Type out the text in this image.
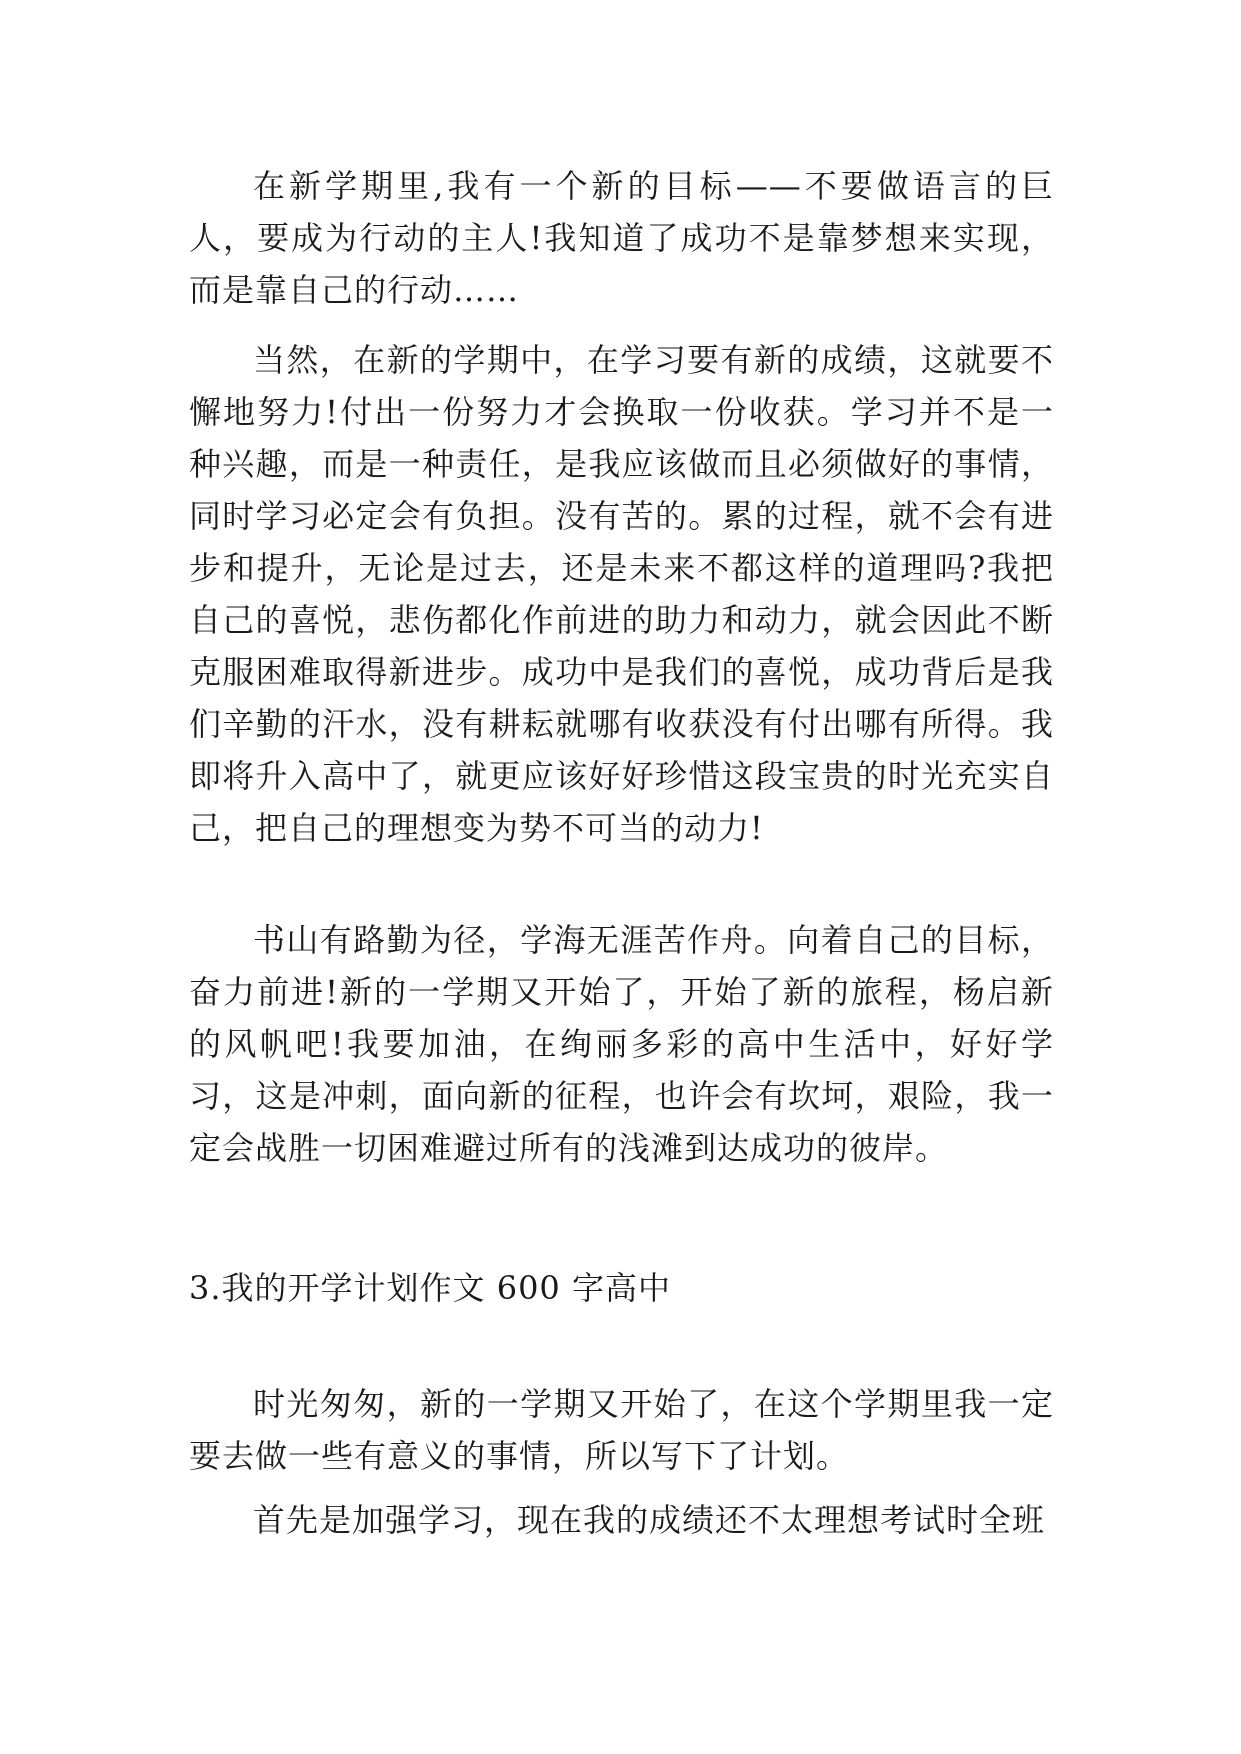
在新学期里,我有一个新的目标——不要做语言的巨人，要成为行动的主人!我知道了成功不是靠梦想来实现，而是靠自己的行动……

当然，在新的学期中，在学习要有新的成绩，这就要不懈地努力!付出一份努力才会换取一份收获。学习并不是一种兴趣，而是一种责任，是我应该做而且必须做好的事情，同时学习必定会有负担。没有苦的。累的过程，就不会有进步和提升，无论是过去，还是未来不都这样的道理吗?我把自己的喜悦，悲伤都化作前进的助力和动力，就会因此不断克服困难取得新进步。成功中是我们的喜悦，成功背后是我们辛勤的汗水，没有耕耘就哪有收获没有付出哪有所得。我即将升入高中了，就更应该好好珍惜这段宝贵的时光充实自己，把自己的理想变为势不可当的动力!

书山有路勤为径，学海无涯苦作舟。向着自己的目标，奋力前进!新的一学期又开始了，开始了新的旅程，杨启新的风帆吧!我要加油，在绚丽多彩的高中生活中，好好学习，这是冲刺，面向新的征程，也许会有坎坷，艰险，我一定会战胜一切困难避过所有的浅滩到达成功的彼岸。

3.我的开学计划作文 600 字高中

时光匆匆，新的一学期又开始了，在这个学期里我一定要去做一些有意义的事情，所以写下了计划。

首先是加强学习，现在我的成绩还不太理想考试时全班
